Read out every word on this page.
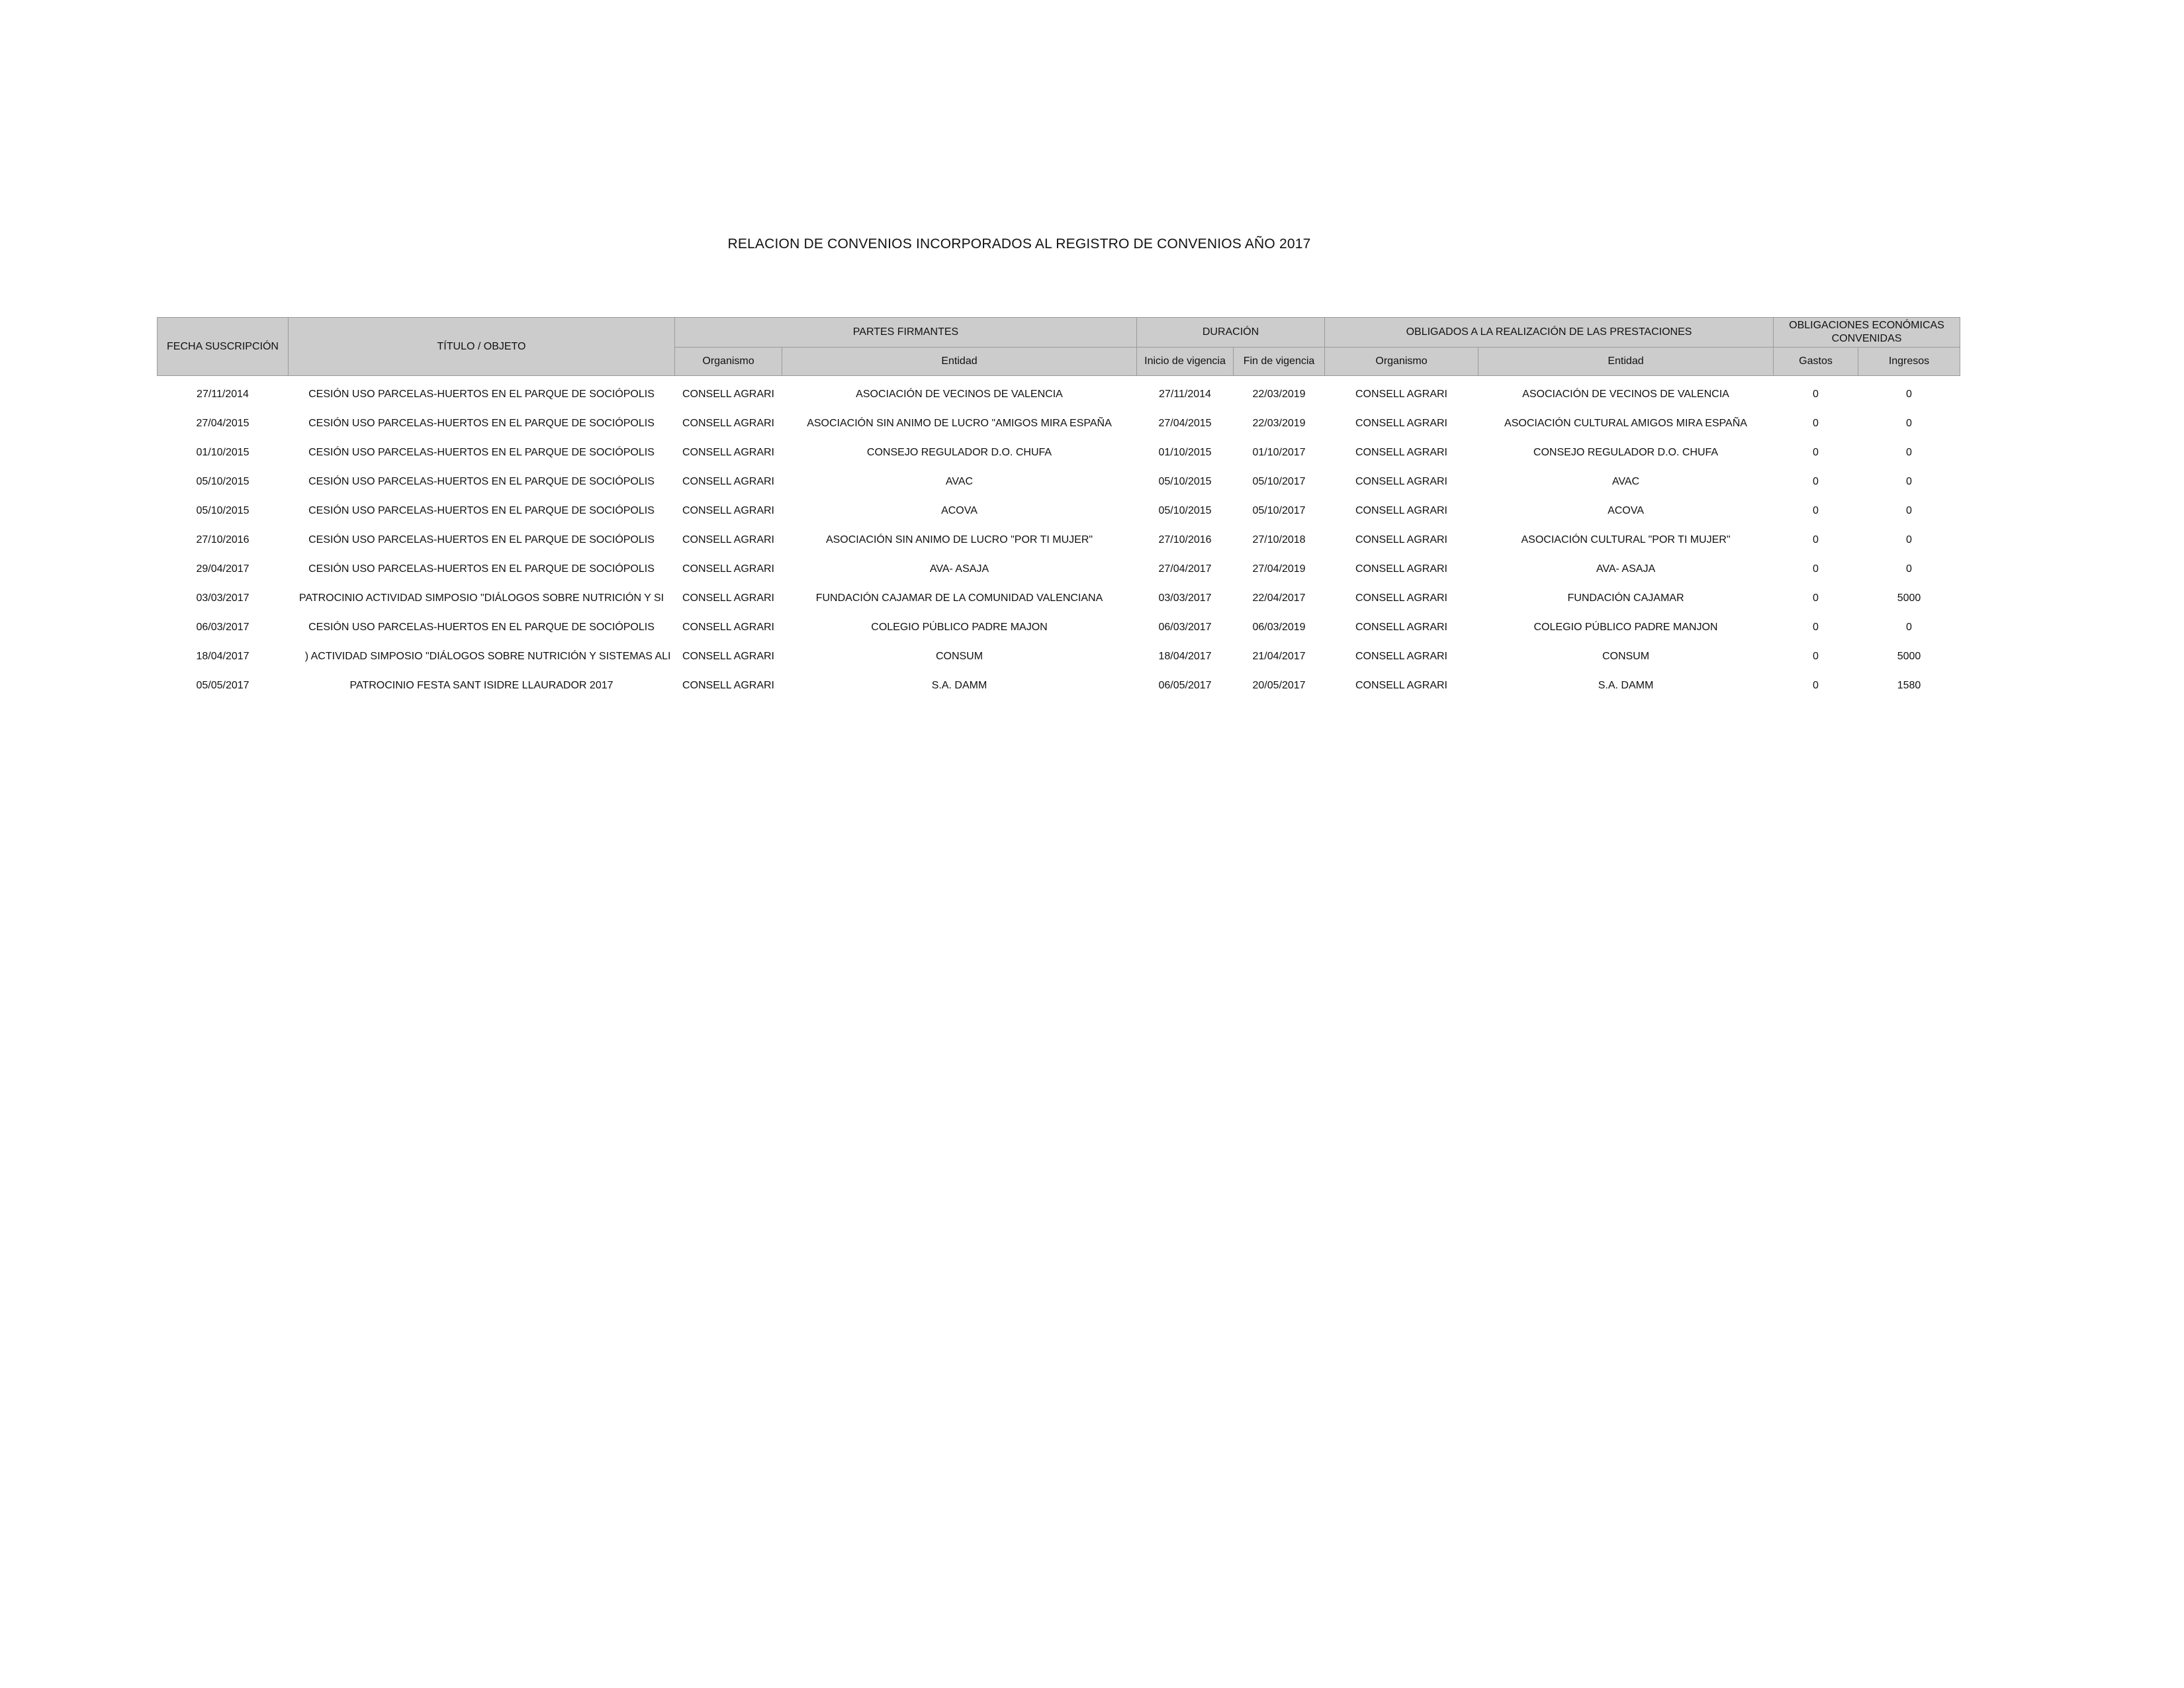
RELACION DE CONVENIOS INCORPORADOS AL REGISTRO DE CONVENIOS AÑO 2017
FECHA SUSCRIPCIÓN	TÍTULO / OBJETO	PARTES FIRMANTES		DURACIÓN		OBLIGADOS A LA REALIZACIÓN DE LAS PRESTACIONES		OBLIGACIONES ECONÓMICAS CONVENIDAS	
		Organismo	Entidad	Inicio de vigencia	Fin de vigencia	Organismo	Entidad	Gastos	Ingresos

27/11/2014	CESIÓN USO PARCELAS-HUERTOS EN EL PARQUE DE SOCIÓPOLIS	CONSELL AGRARI	ASOCIACIÓN DE VECINOS DE VALENCIA	27/11/2014	22/03/2019	CONSELL AGRARI	ASOCIACIÓN DE VECINOS DE VALENCIA	0	0
27/04/2015	CESIÓN USO PARCELAS-HUERTOS EN EL PARQUE DE SOCIÓPOLIS	CONSELL AGRARI	ASOCIACIÓN SIN ANIMO DE LUCRO "AMIGOS MIRA ESPAÑA	27/04/2015	22/03/2019	CONSELL AGRARI	ASOCIACIÓN CULTURAL AMIGOS MIRA ESPAÑA	0	0
01/10/2015	CESIÓN USO PARCELAS-HUERTOS EN EL PARQUE DE SOCIÓPOLIS	CONSELL AGRARI	CONSEJO REGULADOR D.O. CHUFA	01/10/2015	01/10/2017	CONSELL AGRARI	CONSEJO REGULADOR D.O. CHUFA	0	0
05/10/2015	CESIÓN USO PARCELAS-HUERTOS EN EL PARQUE DE SOCIÓPOLIS	CONSELL AGRARI	AVAC	05/10/2015	05/10/2017	CONSELL AGRARI	AVAC	0	0
05/10/2015	CESIÓN USO PARCELAS-HUERTOS EN EL PARQUE DE SOCIÓPOLIS	CONSELL AGRARI	ACOVA	05/10/2015	05/10/2017	CONSELL AGRARI	ACOVA	0	0
27/10/2016	CESIÓN USO PARCELAS-HUERTOS EN EL PARQUE DE SOCIÓPOLIS	CONSELL AGRARI	ASOCIACIÓN SIN ANIMO DE LUCRO "POR TI MUJER"	27/10/2016	27/10/2018	CONSELL AGRARI	ASOCIACIÓN CULTURAL "POR TI MUJER"	0	0
29/04/2017	CESIÓN USO PARCELAS-HUERTOS EN EL PARQUE DE SOCIÓPOLIS	CONSELL AGRARI	AVA- ASAJA	27/04/2017	27/04/2019	CONSELL AGRARI	AVA- ASAJA	0	0
03/03/2017	PATROCINIO ACTIVIDAD SIMPOSIO "DIÁLOGOS SOBRE NUTRICIÓN Y SI	CONSELL AGRARI	FUNDACIÓN CAJAMAR DE LA COMUNIDAD VALENCIANA	03/03/2017	22/04/2017	CONSELL AGRARI	FUNDACIÓN CAJAMAR	0	5000
06/03/2017	CESIÓN USO PARCELAS-HUERTOS EN EL PARQUE DE SOCIÓPOLIS	CONSELL AGRARI	COLEGIO PÚBLICO PADRE MAJON	06/03/2017	06/03/2019	CONSELL AGRARI	COLEGIO PÚBLICO PADRE MANJON	0	0
18/04/2017	) ACTIVIDAD SIMPOSIO "DIÁLOGOS SOBRE NUTRICIÓN Y SISTEMAS ALI	CONSELL AGRARI	CONSUM	18/04/2017	21/04/2017	CONSELL AGRARI	CONSUM	0	5000
05/05/2017	PATROCINIO FESTA SANT ISIDRE LLAURADOR 2017	CONSELL AGRARI	S.A. DAMM	06/05/2017	20/05/2017	CONSELL AGRARI	S.A. DAMM	0	1580
